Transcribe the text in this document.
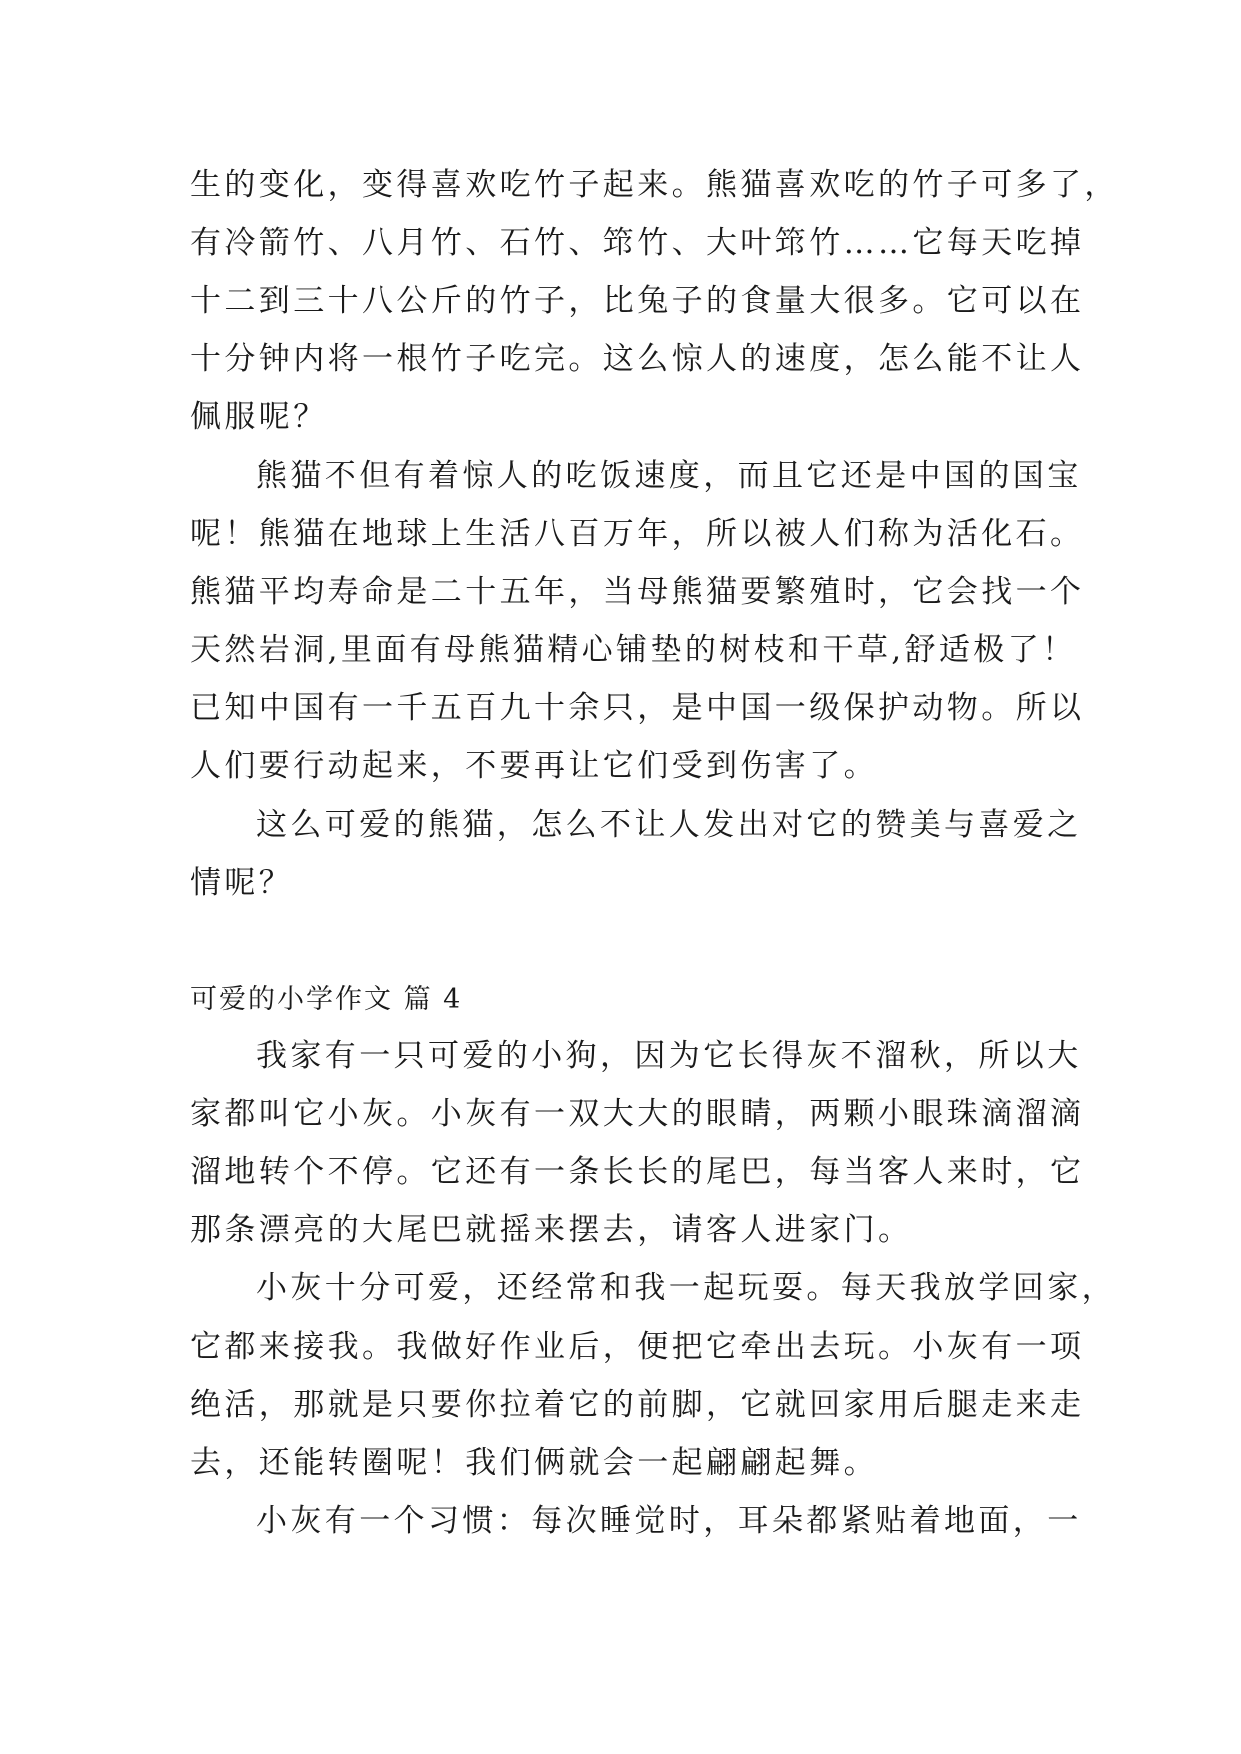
生的变化，变得喜欢吃竹子起来。熊猫喜欢吃的竹子可多了，
有冷箭竹、八月竹、石竹、筇竹、大叶筇竹……它每天吃掉
十二到三十八公斤的竹子，比兔子的食量大很多。它可以在
十分钟内将一根竹子吃完。这么惊人的速度，怎么能不让人
佩服呢？
熊猫不但有着惊人的吃饭速度，而且它还是中国的国宝
呢！熊猫在地球上生活八百万年，所以被人们称为活化石。
熊猫平均寿命是二十五年，当母熊猫要繁殖时，它会找一个
天然岩洞,里面有母熊猫精心铺垫的树枝和干草,舒适极了！
已知中国有一千五百九十余只，是中国一级保护动物。所以
人们要行动起来，不要再让它们受到伤害了。
这么可爱的熊猫，怎么不让人发出对它的赞美与喜爱之
情呢？
可爱的小学作文 篇 4
我家有一只可爱的小狗，因为它长得灰不溜秋，所以大
家都叫它小灰。小灰有一双大大的眼睛，两颗小眼珠滴溜滴
溜地转个不停。它还有一条长长的尾巴，每当客人来时，它
那条漂亮的大尾巴就摇来摆去，请客人进家门。
小灰十分可爱，还经常和我一起玩耍。每天我放学回家，
它都来接我。我做好作业后，便把它牵出去玩。小灰有一项
绝活，那就是只要你拉着它的前脚，它就回家用后腿走来走
去，还能转圈呢！我们俩就会一起翩翩起舞。
小灰有一个习惯：每次睡觉时，耳朵都紧贴着地面，一
